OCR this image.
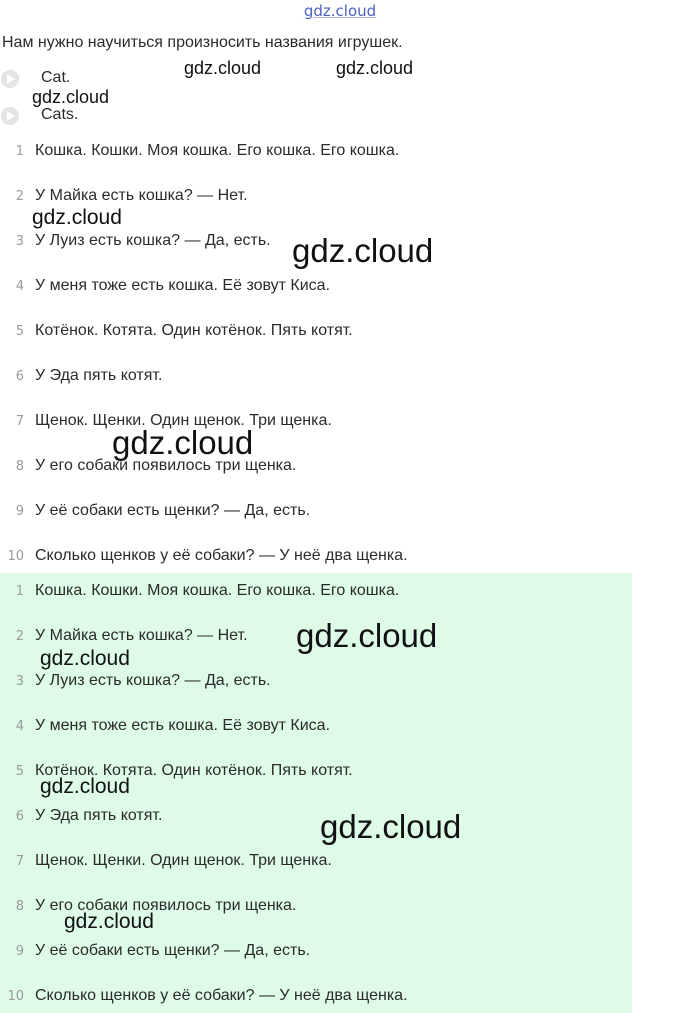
gdz.cloud
Нам нужно научиться произносить названия игрушек.
Cat.
Cats.
1 Кошка. Кошки. Моя кошка. Его кошка. Его кошка.
2 У Майка есть кошка? — Нет.
3 У Луиз есть кошка? — Да, есть.
4 У меня тоже есть кошка. Её зовут Киса.
5 Котёнок. Котята. Один котёнок. Пять котят.
6 У Эда пять котят.
7 Щенок. Щенки. Один щенок. Три щенка.
8 У его собаки появилось три щенка.
9 У её собаки есть щенки? — Да, есть.
10 Сколько щенков у её собаки? — У неё два щенка.
1 Кошка. Кошки. Моя кошка. Его кошка. Его кошка.
2 У Майка есть кошка? — Нет.
3 У Луиз есть кошка? — Да, есть.
4 У меня тоже есть кошка. Её зовут Киса.
5 Котёнок. Котята. Один котёнок. Пять котят.
6 У Эда пять котят.
7 Щенок. Щенки. Один щенок. Три щенка.
8 У его собаки появилось три щенка.
9 У её собаки есть щенки? — Да, есть.
10 Сколько щенков у её собаки? — У неё два щенка.
gdz.cloud	gdz.cloud
gdz.cloud
gdz.cloud
gdz.cloud
gdz.cloud
gdz.cloud
gdz.cloud
gdz.cloud
gdz.cloud
gdz.cloud
